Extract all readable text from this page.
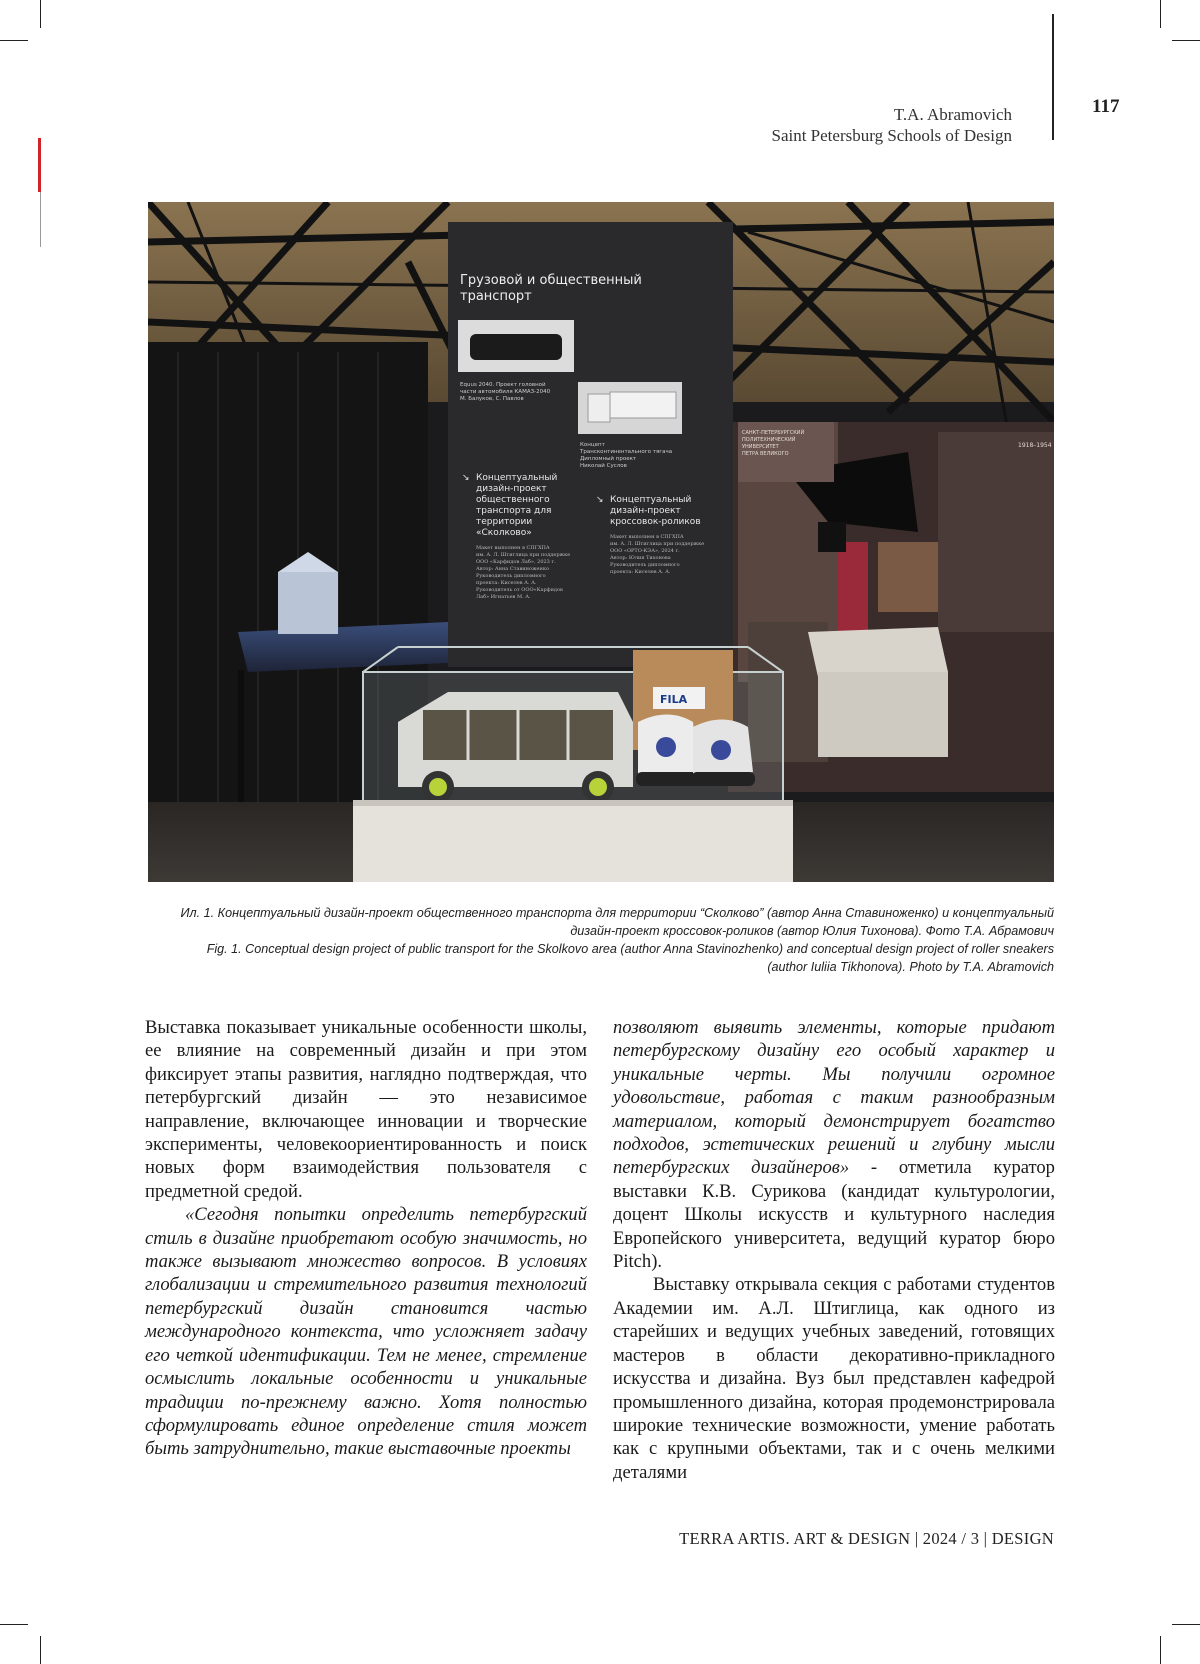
T.A. Abramovich
Saint Petersburg Schools of Design
117
Грузовой и общественный
транспорт
Equus 2040. Проект головной
части автомобиля КАМАЗ-2040
М. Балуков, С. Павлов
Концепт
Трансконтинентального тягача
Дипломный проект
Николай Суслов
↘ Концептуальный
дизайн-проект
общественного
транспорта для
территории
«Сколково»
Макет выполнен в СПГХПА
им. А. Л. Штиглица при поддержке
ООО «Карфидов Лаб», 2023 г.
Автор: Анна Ставиноженко
Руководитель дипломного
проекта: Киселев А. А.
Руководитель от ООО«Карфидов
Лаб» Игнатьев М. А.
↘ Концептуальный
дизайн-проект
кроссовок-роликов
Макет выполнен в СПГХПА
им. А. Л. Штиглица при поддержке
ООО «ОРТО-КЭА», 2024 г.
Автор: Юлия Тихонова
Руководитель дипломного
проекта: Киселев А. А.
САНКТ-ПЕТЕРБУРГСКИЙ
ПОЛИТЕХНИЧЕСКИЙ
УНИВЕРСИТЕТ
ПЕТРА ВЕЛИКОГО
1918–1954
FILA

Ил. 1. Концептуальный дизайн-проект общественного транспорта для территории “Сколково” (автор Анна Ставиноженко) и концептуальный

дизайн-проект кроссовок-роликов (автор Юлия Тихонова). Фото Т.А. Абрамович

Fig. 1. Conceptual design project of public transport for the Skolkovo area (author Anna Stavinozhenko) and conceptual design project of roller sneakers

(author Iuliia Tikhonova). Photo by T.A. Abramovich

Выставка показывает уникальные особенности школы, ее влияние на современный дизайн и при этом фиксирует этапы развития, наглядно подтверждая, что петербургский дизайн — это независимое направление, включающее инновации и творческие эксперименты, человекоориентированность и поиск новых форм взаимодействия пользователя с предметной средой.

«Сегодня попытки определить петербургский стиль в дизайне приобретают особую значимость, но также вызывают множество вопросов. В условиях глобализации и стремительного развития технологий петербургский дизайн становится частью международного контекста, что усложняет задачу его четкой идентификации. Тем не менее, стремление осмыслить локальные особенности и уникальные традиции по-прежнему важно. Хотя полностью сформулировать единое определение стиля может быть затруднительно, такие выставочные проекты

позволяют выявить элементы, которые придают петербургскому дизайну его особый характер и уникальные черты. Мы получили огромное удовольствие, работая с таким разнообразным материалом, который демонстрирует богатство подходов, эстетических решений и глубину мысли петербургских дизайнеров» - отметила куратор выставки К.В. Сурикова (кандидат культурологии, доцент Школы искусств и культурного наследия Европейского университета, ведущий куратор бюро Pitch).

Выставку открывала секция с работами студентов Академии им. А.Л. Штиглица, как одного из старейших и ведущих учебных заведений, готовящих мастеров в области декоративно-прикладного искусства и дизайна. Вуз был представлен кафедрой промышленного дизайна, которая продемонстрировала широкие технические возможности, умение работать как с крупными объектами, так и с очень мелкими деталями

TERRA ARTIS. ART & DESIGN | 2024 / 3 | DESIGN
